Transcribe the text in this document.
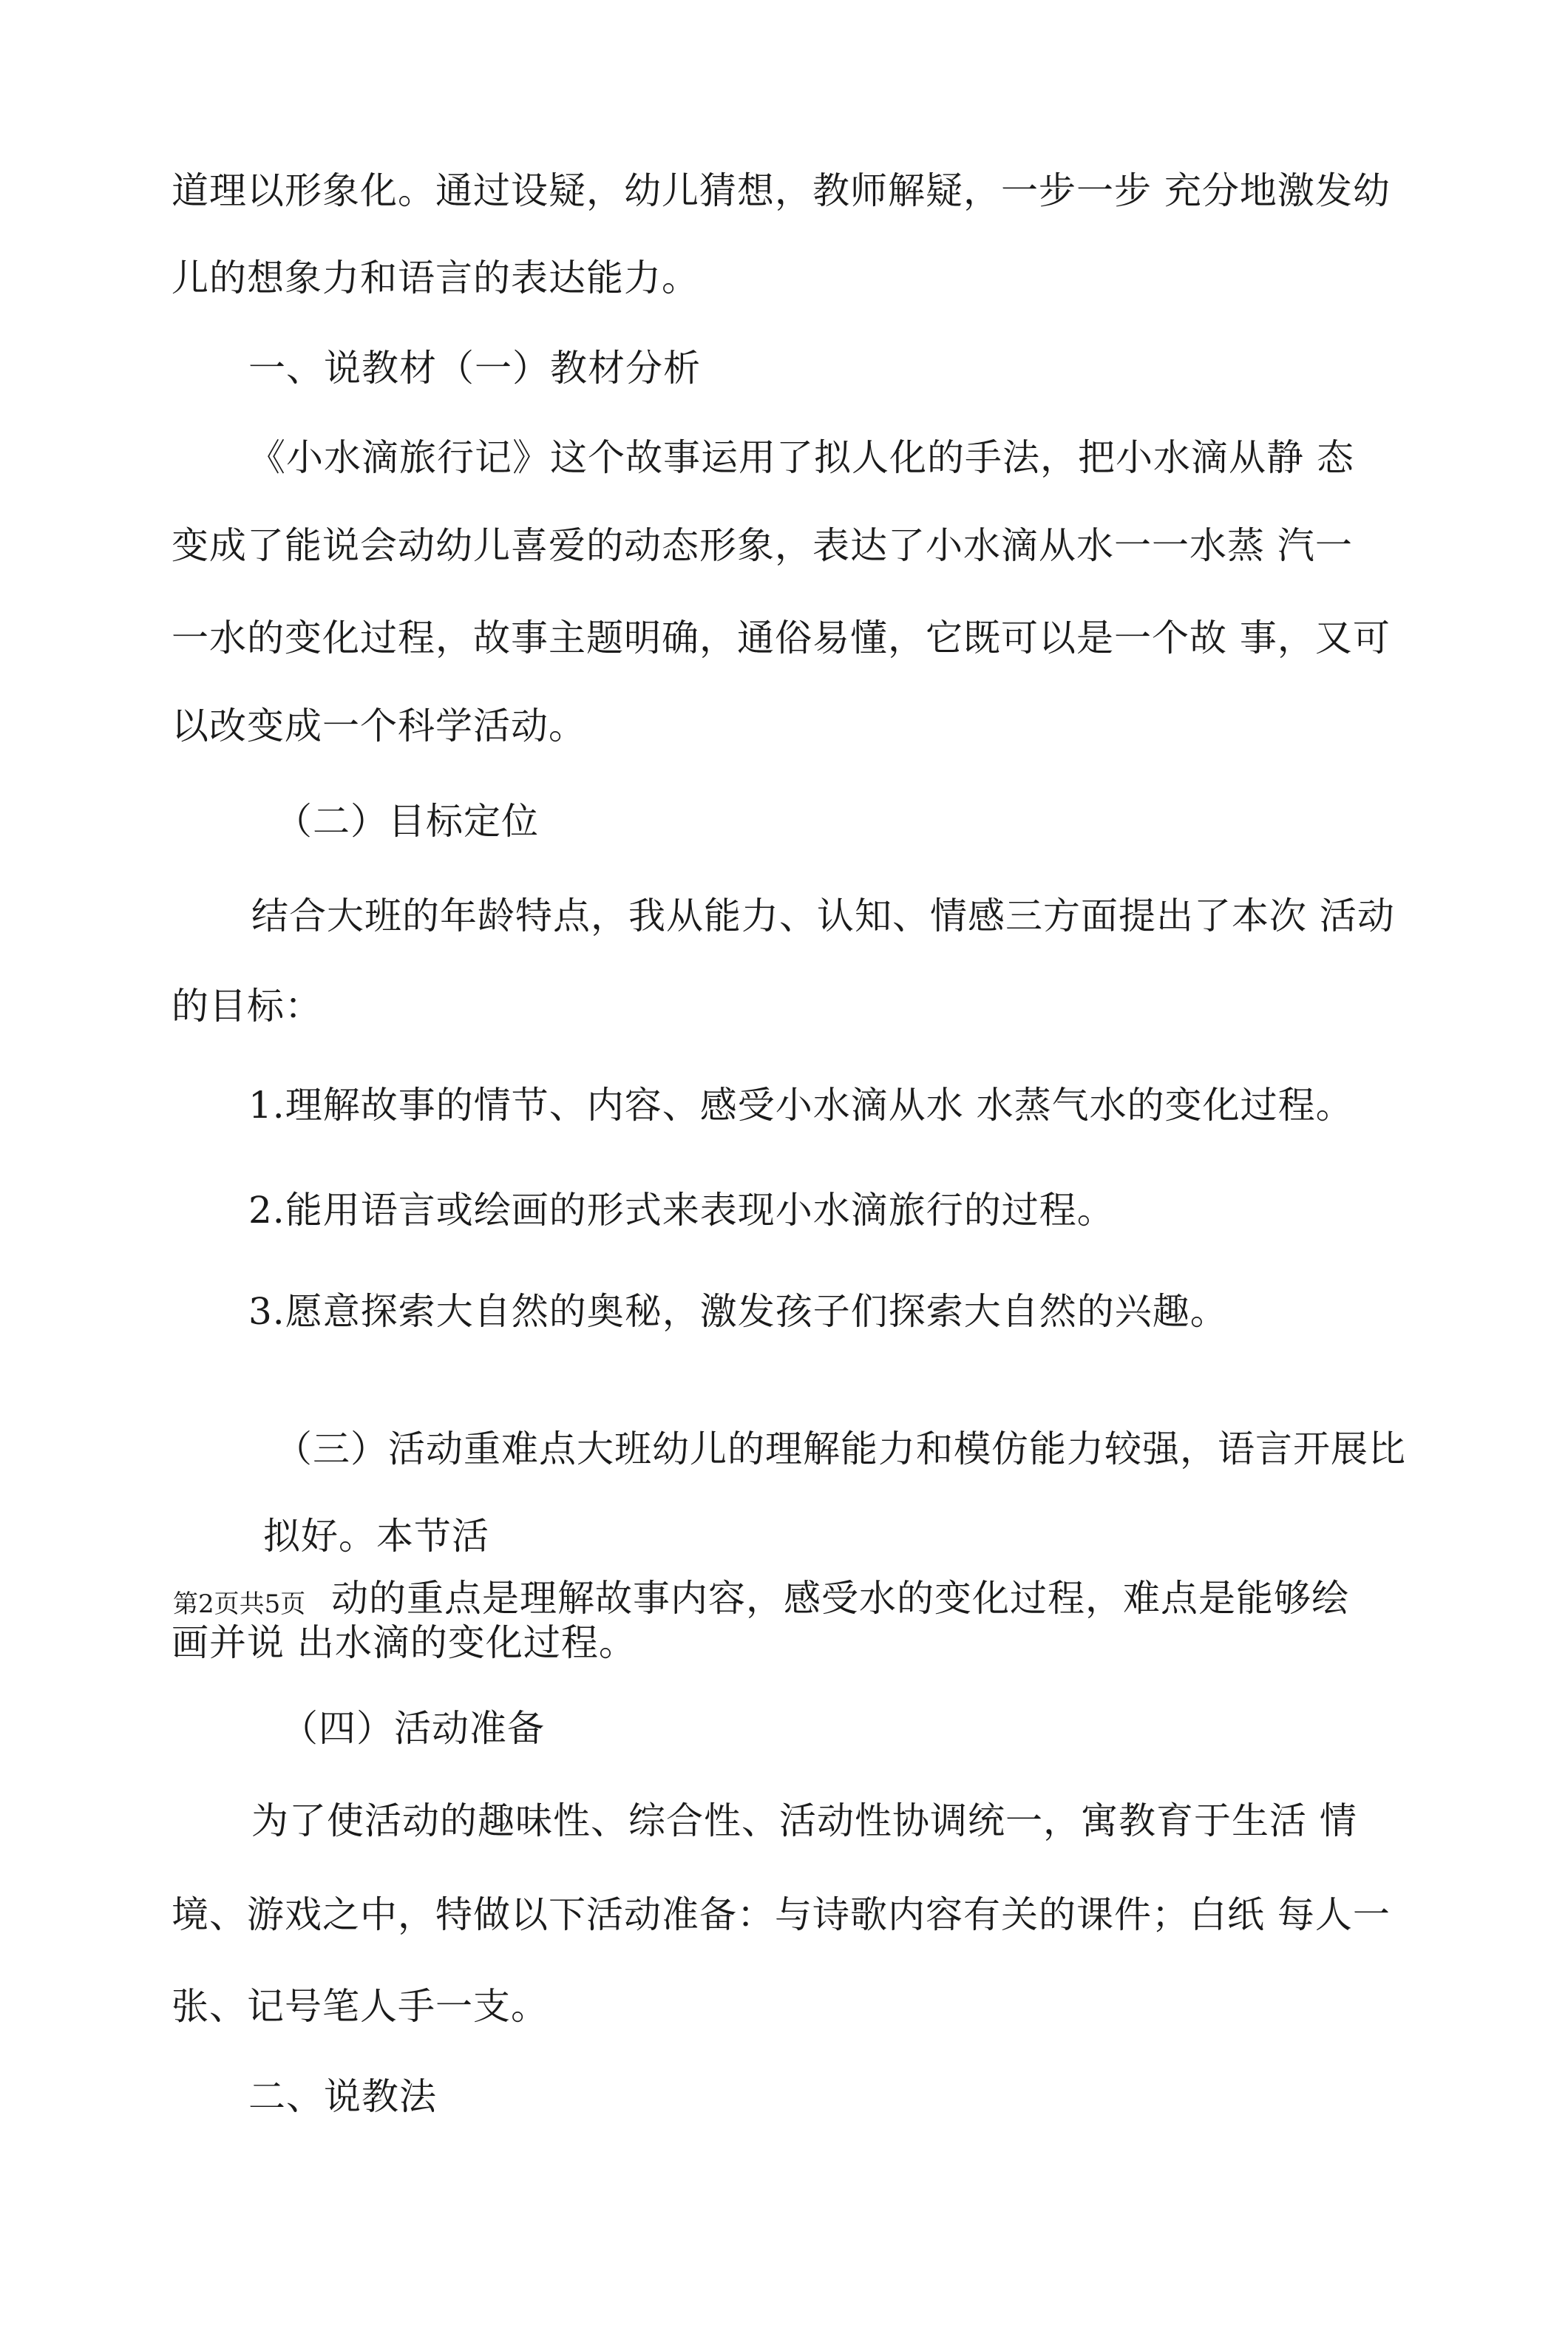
道理以形象化。通过设疑，幼儿猜想，教师解疑，一步一步 充分地激发幼
儿的想象力和语言的表达能力。
一、说教材（一）教材分析
《小水滴旅行记》这个故事运用了拟人化的手法，把小水滴从静 态
变成了能说会动幼儿喜爱的动态形象，表达了小水滴从水一一水蒸 汽一
一水的变化过程，故事主题明确，通俗易懂，它既可以是一个故 事，又可
以改变成一个科学活动。
（二）目标定位
结合大班的年龄特点，我从能力、认知、情感三方面提出了本次 活动
的目标：
1.理解故事的情节、内容、感受小水滴从水 水蒸气水的变化过程。
2.能用语言或绘画的形式来表现小水滴旅行的过程。
3.愿意探索大自然的奥秘，激发孩子们探索大自然的兴趣。
（三）活动重难点大班幼儿的理解能力和模仿能力较强，语言开展比
拟好。本节活
第2页共5页 动的重点是理解故事内容，感受水的变化过程，难点是能够绘
画并说 出水滴的变化过程。
（四）活动准备
为了使活动的趣味性、综合性、活动性协调统一，寓教育于生活 情
境、游戏之中，特做以下活动准备：与诗歌内容有关的课件；白纸 每人一
张、记号笔人手一支。
二、说教法
